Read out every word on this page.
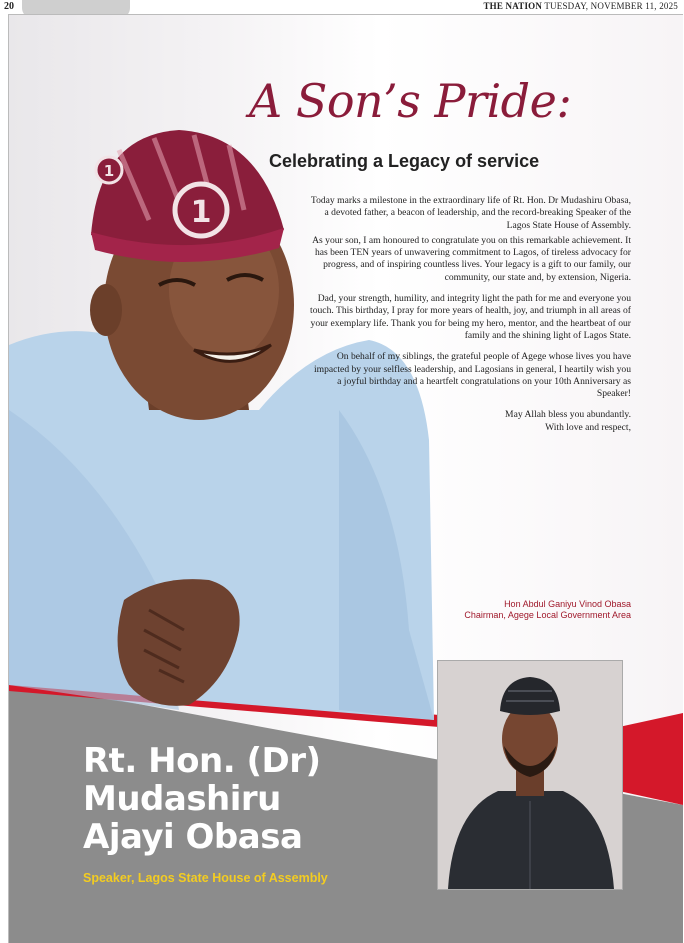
20	THE NATION TUESDAY, NOVEMBER 11, 2025
1
1
A Son’s Pride:
Celebrating a Legacy of service

Today marks a milestone in the extraordinary life of Rt. Hon. Dr Mudashiru Obasa, a devoted father, a beacon of leadership, and the record-breaking Speaker of the Lagos State House of Assembly.

As your son, I am honoured to congratulate you on this remarkable achievement. It has been TEN years of unwavering commitment to Lagos, of tireless advocacy for progress, and of inspiring countless lives. Your legacy is a gift to our family, our community, our state and, by extension, Nigeria.

Dad, your strength, humility, and integrity light the path for me and everyone you touch. This birthday, I pray for more years of health, joy, and triumph in all areas of your exemplary life. Thank you for being my hero, mentor, and the heartbeat of our family and the shining light of Lagos State.

On behalf of my siblings, the grateful people of Agege whose lives you have impacted by your selfless leadership, and Lagosians in general, I heartily wish you a joyful birthday and a heartfelt congratulations on your 10th Anniversary as Speaker!

May Allah bless you abundantly.

With love and respect,

Hon Abdul Ganiyu Vinod Obasa
Chairman, Agege Local Government Area
Rt. Hon. (Dr)
Mudashiru
Ajayi Obasa
Speaker, Lagos State House of Assembly
